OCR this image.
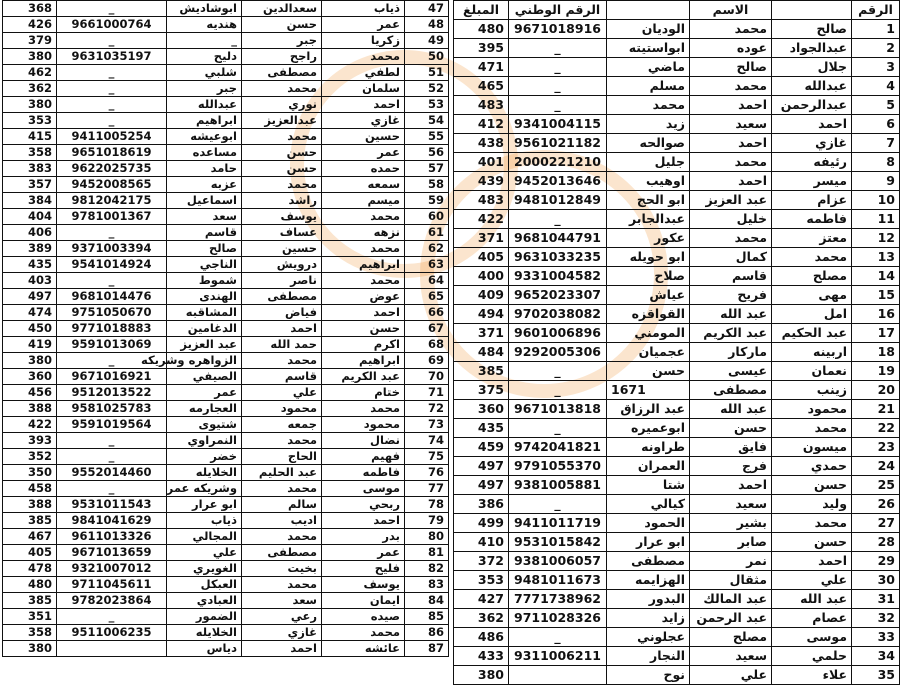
47	ذياب	سعدالدين	ابوشاديش	_	368
48	عمر	حسن	هنديه	9661000764	426
49	زكريا	جبر	_	_	379
50	محمد	راجح	دليح	9631035197	380
51	لطفي	مصطفى	شلبي	_	462
52	سلمان	محمد	جبر	_	362
53	احمد	نوري	عبدالله	_	380
54	غازي	عبدالعزيز	ابراهيم	_	353
55	حسين	محمد	ابوعيشه	9411005254	415
56	عمر	حسن	مساعده	9651018619	358
57	حمده	حسن	حامد	9622025735	383
58	سمعه	محمد	عزبه	9452008565	357
59	ميسم	راشد	اسماعيل	9812042175	384
60	محمد	يوسف	سعد	9781001367	404
61	نزهه	عساف	قاسم	_	406
62	محمد	حسين	صالح	9371003394	389
63	ابراهيم	درويش	الناجي	9541014924	435
64	محمد	ناصر	شموط	_	403
65	عوض	مصطفى	الهندى	9681014476	497
66	احمد	فياض	المشاقبه	9751050670	474
67	حسن	احمد	الدغامين	9771018883	450
68	اكرم	حمد الله	عبد العزيز	9591013069	419
69	ابراهيم	محمد	الزواهره وشريكه	_	380
70	عبد الكريم	قاسم	الصيفي	9671016921	360
71	ختام	علي	عمر	9512013522	456
72	محمد	محمود	العجارمه	9581025783	388
73	محمود	جمعه	شتيوى	9591019564	422
74	نضال	محمد	النمراوي	_	393
75	فهيم	الحاج	خضر	_	352
76	فاطمه	عبد الحليم	الخلايله	9552014460	350
77	موسى	محمد	وشريكه عمر	_	458
78	ربحي	سالم	ابو عرار	9531011543	388
79	احمد	اديب	ذياب	9841041629	385
80	بدر	محمد	المجالي	9611013326	467
81	عمر	مصطفى	علي	9671013659	405
82	فليح	بخيت	الغويري	9321007012	478
83	يوسف	محمد	العبكل	9711045611	480
84	ايمان	سعد	العبادي	9782023864	385
85	صيده	رعي	الضمور	_	351
86	محمد	غازي	الخلايله	9511006235	358
87	عائشه	احمد	دياس		380
الرقم		الاسم		الرقم الوطني	المبلغ
1	صالح	محمد	الوديان	9671018916	480
2	عبدالجواد	عوده	ابواستيته	_	395
3	جلال	صالح	ماضي	_	471
4	عبدالله	محمد	مسلم	_	465
5	عبدالرحمن	احمد	محمد	_	483
6	احمد	سعيد	زيد	9341004115	412
7	غازي	احمد	صوالحه	9561021182	438
8	رئيفه	محمد	جليل	2000221210	401
9	ميسر	احمد	اوهيب	9452013646	439
10	عزام	عبد العزيز	ابو الحج	9481012849	483
11	فاطمه	خليل	عبدالجابر	_	422
12	معتز	محمد	عكور	9681044791	371
13	محمد	كمال	ابو حويله	9631033235	405
14	مصلح	قاسم	صلاح	9331004582	400
15	مهى	فريح	عياش	9652023307	409
16	امل	عبد الله	القواقزه	9702038082	494
17	عبد الحكيم	عبد الكريم	المومني	9601006896	371
18	اربينه	ماركار	عجميان	9292005306	484
19	نعمان	عيسى	حسن	_	385
20	زينب	مصطفى	1671	_	375
21	محمود	عبد الله	عبد الرزاق	9671013818	360
22	محمد	حسن	ابوعميره	_	435
23	ميسون	فايق	طراونه	9742041821	459
24	حمدي	فرج	العمران	9791055370	497
25	حسن	احمد	شتا	9381005881	497
26	وليد	سعيد	كيالي	_	386
27	محمد	بشير	الحمود	9411011719	499
28	حسن	صابر	ابو عرار	9531015842	410
29	احمد	نمر	مصطفى	9381006057	372
30	علي	مثقال	الهزايمه	9481011673	353
31	عبد الله	عبد المالك	البدور	7771738962	427
32	عصام	عبد الرحمن	زايد	9711028326	362
33	موسى	مصلح	عجلوني	_	486
34	حلمي	سعيد	النجار	9311006211	433
35	علاء	علي	نوح		380
